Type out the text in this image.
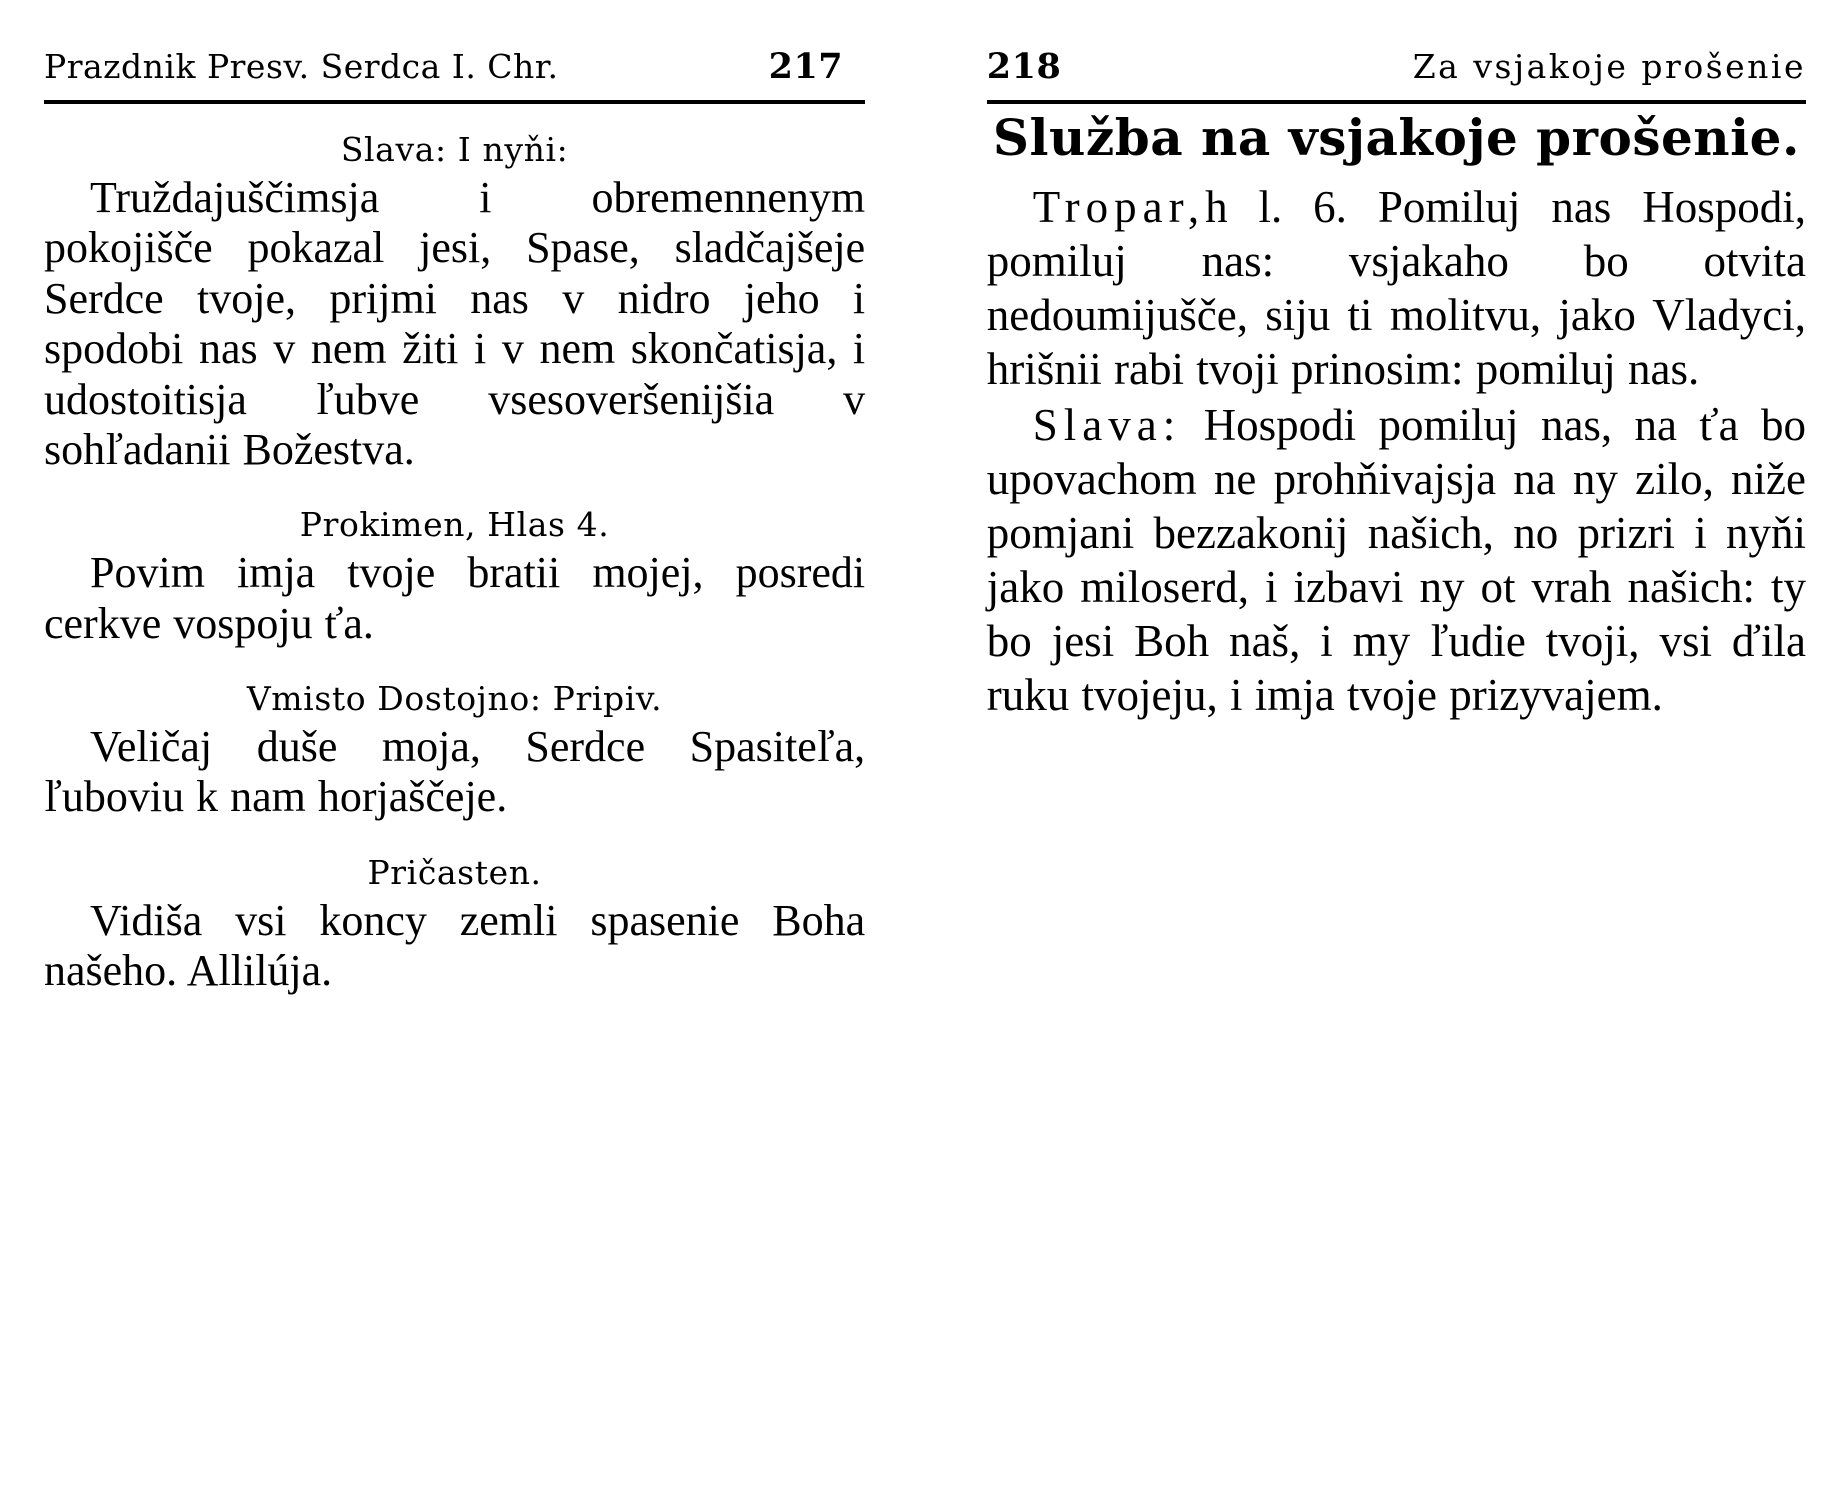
Prazdnik Presv. Serdca I. Chr.	217
Slava: I nyňi:

Truždajuščimsja i obremennenym pokojišče pokazal jesi, Spase, sladčajšeje Serdce tvoje, prijmi nas v nidro jeho i spodobi nas v nem žiti i v nem skončatisja, i udostoitisja ľubve vsesoveršenijšia v sohľadanii Božestva.

Prokimen, Hlas 4.

Povim imja tvoje bratii mojej, posredi cerkve vospoju ťa.

Vmisto Dostojno: Pripiv.

Veličaj duše moja, Serdce Spasiteľa, ľuboviu k nam horjaščeje.

Pričasten.

Vidiša vsi koncy zemli spasenie Boha našeho. Allilúja.

218	Za vsjakoje prošenie
Služba na vsjakoje prošenie.

Tropar,h l. 6. Pomiluj nas Hospodi, pomiluj nas: vsjakaho bo otvita nedoumijušče, siju ti molitvu, jako Vladyci, hrišnii rabi tvoji prinosim: pomiluj nas.

Slava: Hospodi pomiluj nas, na ťa bo upovachom ne prohňivajsja na ny zilo, niže pomjani bezzakonij našich, no prizri i nyňi jako miloserd, i izbavi ny ot vrah našich: ty bo jesi Boh naš, i my ľudie tvoji, vsi ďila ruku tvojeju, i imja tvoje prizyvajem.
